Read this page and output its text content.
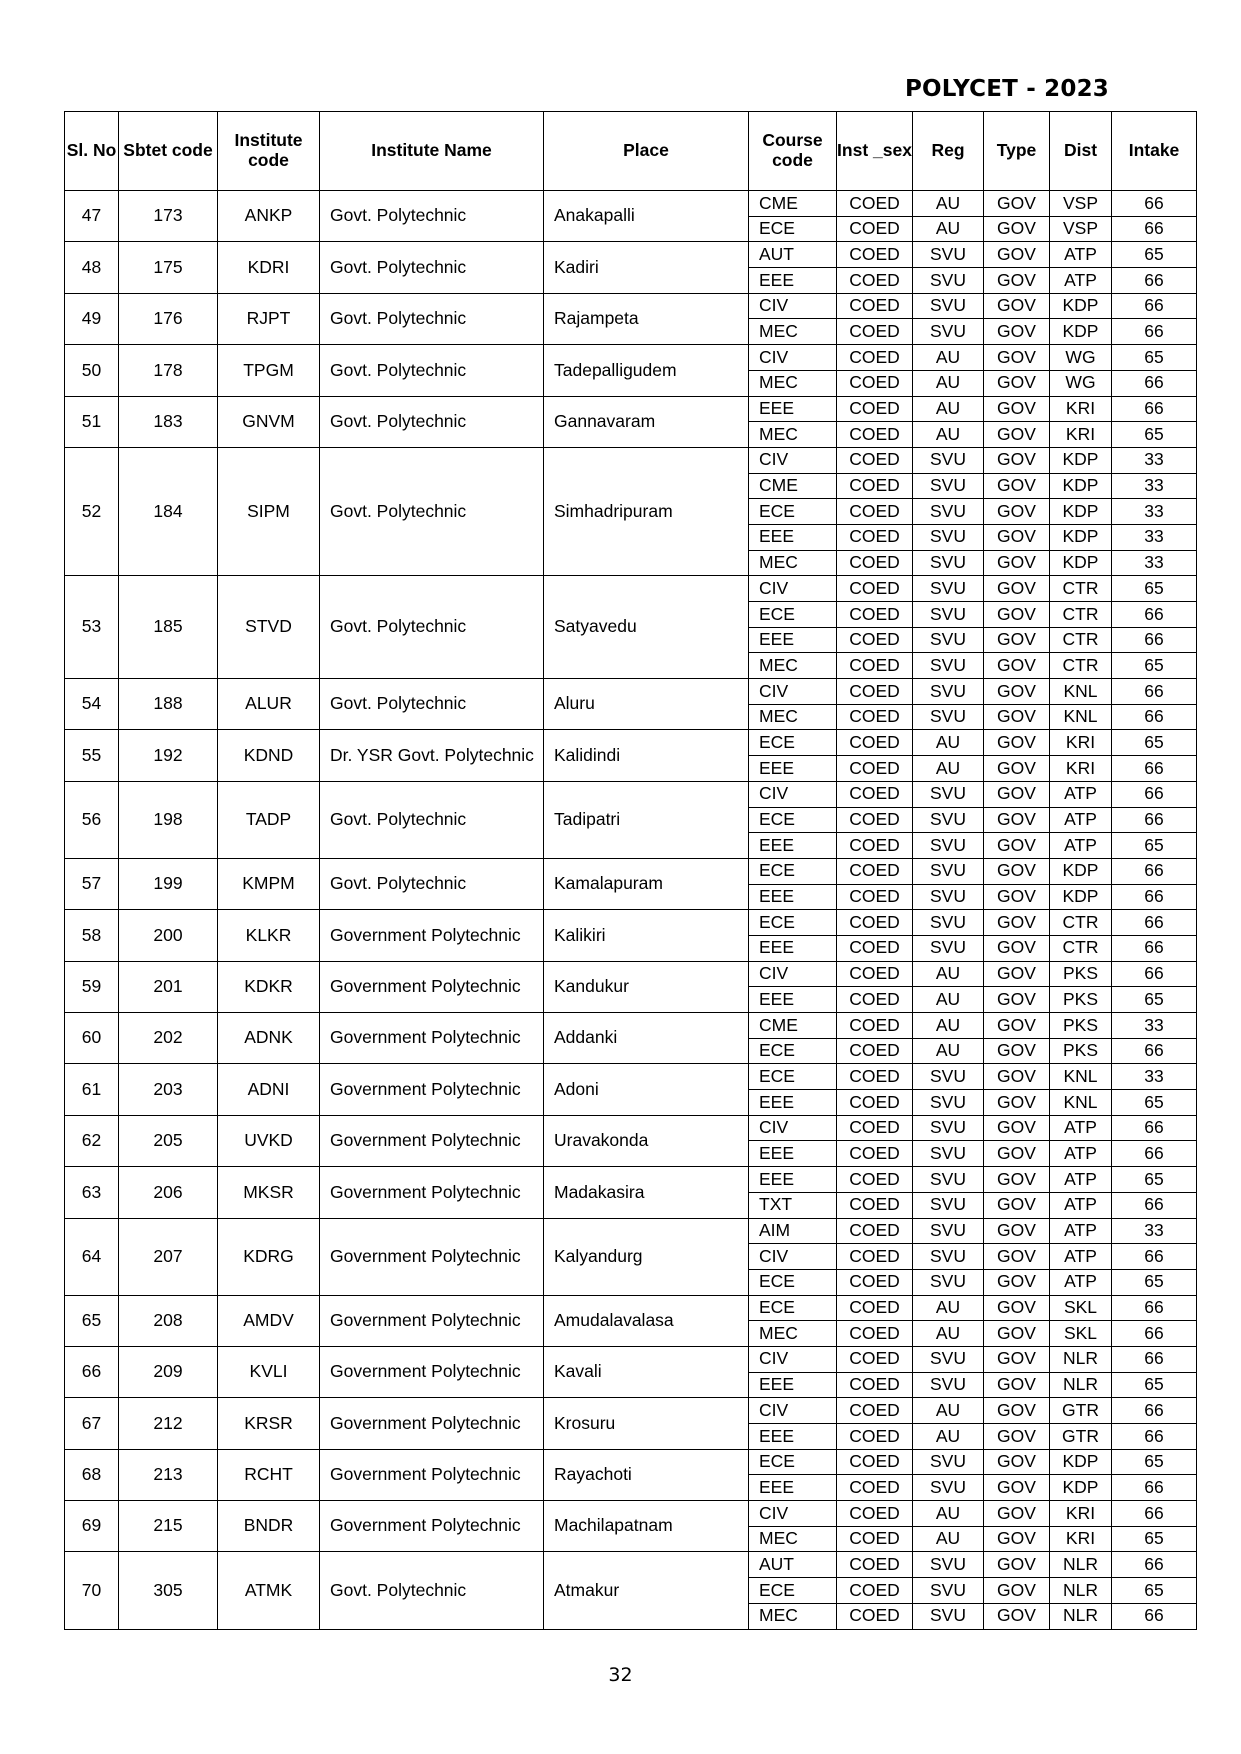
POLYCET - 2023
Sl. No	Sbtet code	Institute code	Institute Name	Place	Course code	Inst _sex	Reg	Type	Dist	Intake
47	173	ANKP	Govt. Polytechnic	Anakapalli	CME	COED	AU	GOV	VSP	66
					ECE	COED	AU	GOV	VSP	66
48	175	KDRI	Govt. Polytechnic	Kadiri	AUT	COED	SVU	GOV	ATP	65
					EEE	COED	SVU	GOV	ATP	66
49	176	RJPT	Govt. Polytechnic	Rajampeta	CIV	COED	SVU	GOV	KDP	66
					MEC	COED	SVU	GOV	KDP	66
50	178	TPGM	Govt. Polytechnic	Tadepalligudem	CIV	COED	AU	GOV	WG	65
					MEC	COED	AU	GOV	WG	66
51	183	GNVM	Govt. Polytechnic	Gannavaram	EEE	COED	AU	GOV	KRI	66
					MEC	COED	AU	GOV	KRI	65
52	184	SIPM	Govt. Polytechnic	Simhadripuram	CIV	COED	SVU	GOV	KDP	33
					CME	COED	SVU	GOV	KDP	33
					ECE	COED	SVU	GOV	KDP	33
					EEE	COED	SVU	GOV	KDP	33
					MEC	COED	SVU	GOV	KDP	33
53	185	STVD	Govt. Polytechnic	Satyavedu	CIV	COED	SVU	GOV	CTR	65
					ECE	COED	SVU	GOV	CTR	66
					EEE	COED	SVU	GOV	CTR	66
					MEC	COED	SVU	GOV	CTR	65
54	188	ALUR	Govt. Polytechnic	Aluru	CIV	COED	SVU	GOV	KNL	66
					MEC	COED	SVU	GOV	KNL	66
55	192	KDND	Dr. YSR Govt. Polytechnic	Kalidindi	ECE	COED	AU	GOV	KRI	65
					EEE	COED	AU	GOV	KRI	66
56	198	TADP	Govt. Polytechnic	Tadipatri	CIV	COED	SVU	GOV	ATP	66
					ECE	COED	SVU	GOV	ATP	66
					EEE	COED	SVU	GOV	ATP	65
57	199	KMPM	Govt. Polytechnic	Kamalapuram	ECE	COED	SVU	GOV	KDP	66
					EEE	COED	SVU	GOV	KDP	66
58	200	KLKR	Government Polytechnic	Kalikiri	ECE	COED	SVU	GOV	CTR	66
					EEE	COED	SVU	GOV	CTR	66
59	201	KDKR	Government Polytechnic	Kandukur	CIV	COED	AU	GOV	PKS	66
					EEE	COED	AU	GOV	PKS	65
60	202	ADNK	Government Polytechnic	Addanki	CME	COED	AU	GOV	PKS	33
					ECE	COED	AU	GOV	PKS	66
61	203	ADNI	Government Polytechnic	Adoni	ECE	COED	SVU	GOV	KNL	33
					EEE	COED	SVU	GOV	KNL	65
62	205	UVKD	Government Polytechnic	Uravakonda	CIV	COED	SVU	GOV	ATP	66
					EEE	COED	SVU	GOV	ATP	66
63	206	MKSR	Government Polytechnic	Madakasira	EEE	COED	SVU	GOV	ATP	65
					TXT	COED	SVU	GOV	ATP	66
64	207	KDRG	Government Polytechnic	Kalyandurg	AIM	COED	SVU	GOV	ATP	33
					CIV	COED	SVU	GOV	ATP	66
					ECE	COED	SVU	GOV	ATP	65
65	208	AMDV	Government Polytechnic	Amudalavalasa	ECE	COED	AU	GOV	SKL	66
					MEC	COED	AU	GOV	SKL	66
66	209	KVLI	Government Polytechnic	Kavali	CIV	COED	SVU	GOV	NLR	66
					EEE	COED	SVU	GOV	NLR	65
67	212	KRSR	Government Polytechnic	Krosuru	CIV	COED	AU	GOV	GTR	66
					EEE	COED	AU	GOV	GTR	66
68	213	RCHT	Government Polytechnic	Rayachoti	ECE	COED	SVU	GOV	KDP	65
					EEE	COED	SVU	GOV	KDP	66
69	215	BNDR	Government Polytechnic	Machilapatnam	CIV	COED	AU	GOV	KRI	66
					MEC	COED	AU	GOV	KRI	65
70	305	ATMK	Govt. Polytechnic	Atmakur	AUT	COED	SVU	GOV	NLR	66
					ECE	COED	SVU	GOV	NLR	65
					MEC	COED	SVU	GOV	NLR	66
32
